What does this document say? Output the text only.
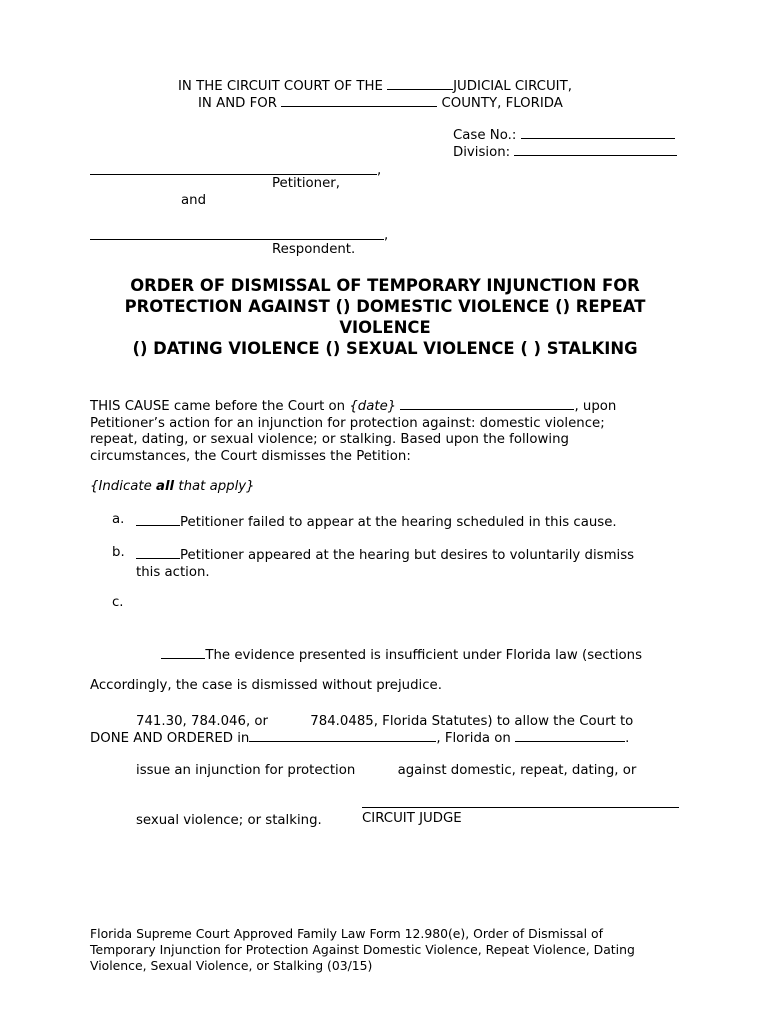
IN THE CIRCUIT COURT OF THE	JUDICIAL CIRCUIT,
IN AND FOR	COUNTY, FLORIDA
Case No.:
Division:
,
Petitioner,
and
,
Respondent.
ORDER OF DISMISSAL OF TEMPORARY INJUNCTION FOR
PROTECTION AGAINST () DOMESTIC VIOLENCE () REPEAT
VIOLENCE
() DATING VIOLENCE () SEXUAL VIOLENCE ( ) STALKING
THIS CAUSE came before the Court on {date}	, upon
Petitioner’s action for an injunction for protection against: domestic violence;
repeat, dating, or sexual violence; or stalking. Based upon the following
circumstances, the Court dismisses the Petition:
{Indicate all that apply}
a.	Petitioner failed to appear at the hearing scheduled in this cause.
b.	Petitioner appeared at the hearing but desires to voluntarily dismiss
this action.
c.

The evidence presented is insufficient under Florida law (sections

741.30, 784.046, or          784.0485, Florida Statutes) to allow the Court to

issue an injunction for protection          against domestic, repeat, dating, or

sexual violence; or stalking.

Accordingly, the case is dismissed without prejudice.
DONE AND ORDERED in	, Florida on	.
CIRCUIT JUDGE
Florida Supreme Court Approved Family Law Form 12.980(e), Order of Dismissal of
Temporary Injunction for Protection Against Domestic Violence, Repeat Violence, Dating
Violence, Sexual Violence, or Stalking (03/15)
